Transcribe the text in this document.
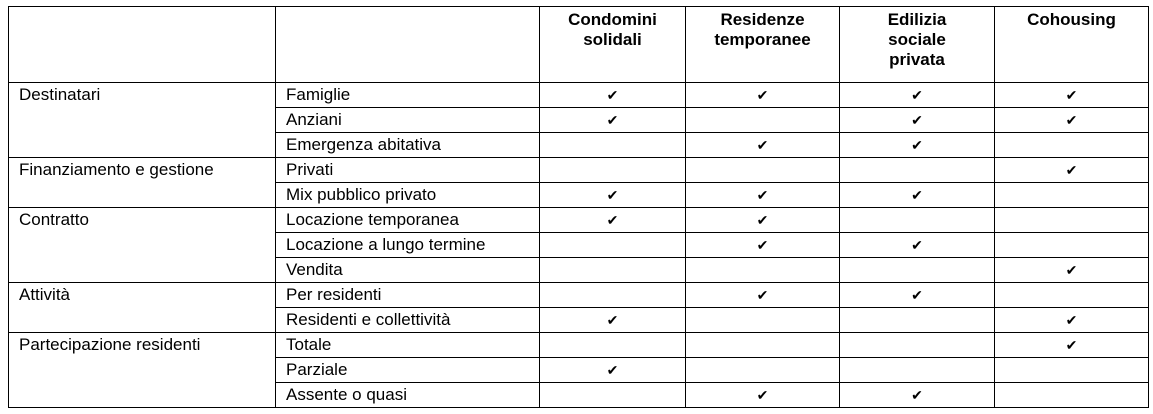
		Condomini
solidali	Residenze
temporanee	Edilizia
sociale
privata	Cohousing
Destinatari	Famiglie	✔	✔	✔	✔
	Anziani	✔		✔	✔
	Emergenza abitativa		✔	✔	
Finanziamento e gestione	Privati				✔
	Mix pubblico privato	✔	✔	✔	
Contratto	Locazione temporanea	✔	✔		
	Locazione a lungo termine		✔	✔	
	Vendita				✔
Attività	Per residenti		✔	✔	
	Residenti e collettività	✔			✔
Partecipazione residenti	Totale				✔
	Parziale	✔			
	Assente o quasi		✔	✔	
